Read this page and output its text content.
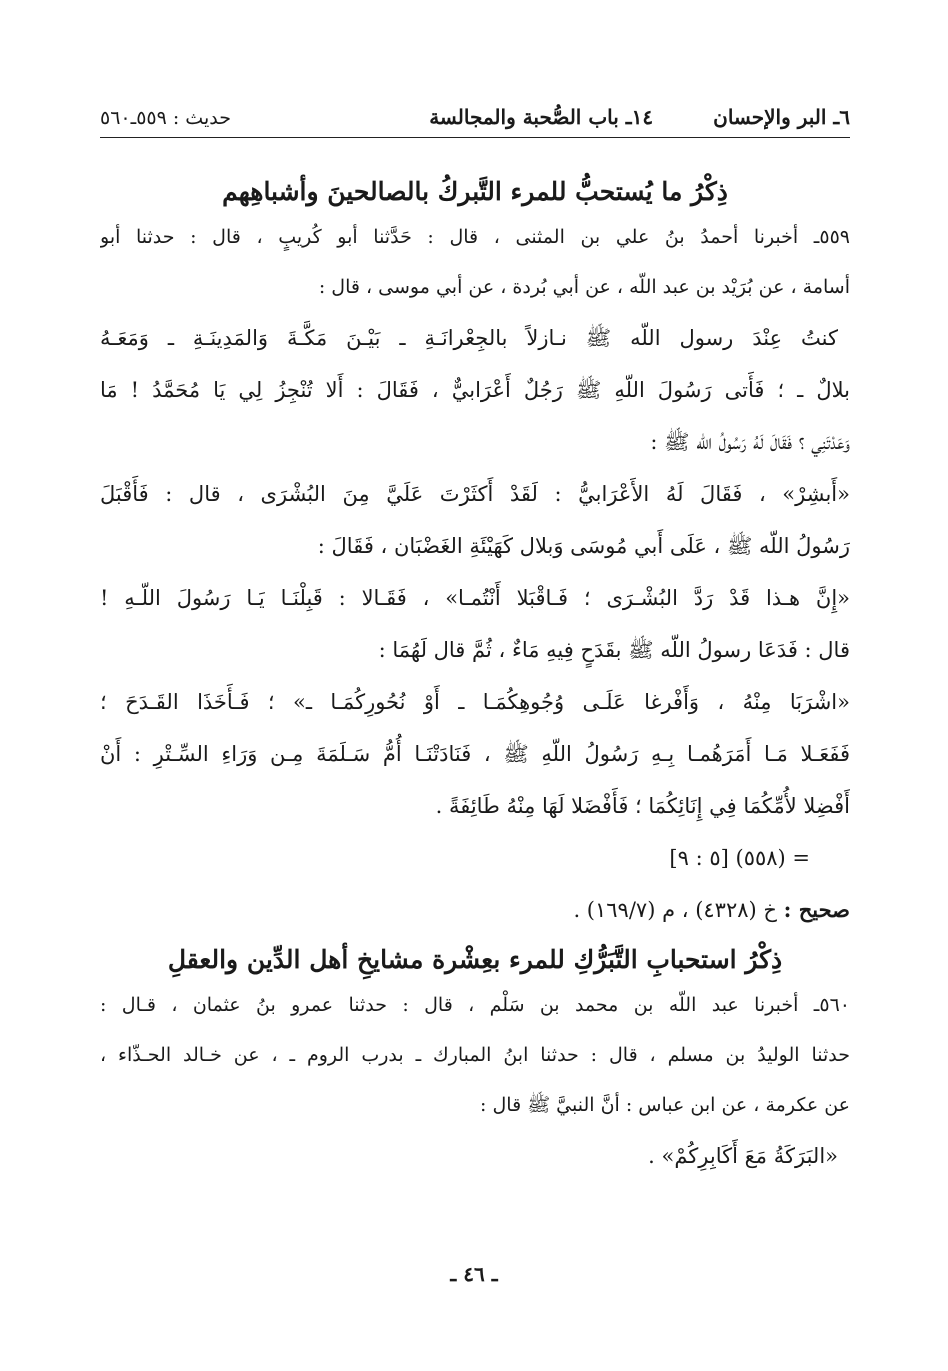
٦ـ البر والإحسان
١٤ـ باب الصُّحبة والمجالسة
حديث : ٥٥٩ـ٥٦٠
ذِكْرُ ما يُستحبُّ للمرء التَّبركُ بالصالحينَ وأشباهِهم
٥٥٩ـ أخبرنا أحمدُ بنُ علي بن المثنى ، قال : حَدَّثنا أبو كُريبٍ ، قال : حدثنا أبو
أسامة ، عن بُرَيْد بن عبد اللّه ، عن أبي بُردة ، عن أبي موسى ، قال :
كنتُ عِنْدَ رسول اللّه ﷺ نـازلاً بالجِعْرانَـةِ ـ بَيْـنَ مَكَّـةَ وَالمَدِينَـةِ ـ وَمَعَـهُ
بلالٌ ـ ؛ فَأَتى رَسُولَ اللّهِ ﷺ رَجُلٌ أَعْرَابيٌّ ، فَقَالَ : أَلا تُنْجِزُ لِي يَا مُحَمَّدُ ! مَا
وَعَدْتَنِي ؟ فَقَالَ لَهُ رَسُولُ اللّه ﷺ :
«أَبشِرْ» ، فَقَالَ لَهُ الأَعْرَابيُّ : لَقَدْ أَكثَرْتَ عَلَيَّ مِنَ البُشْرَى ، قال : فَأَقْبَلَ
رَسُولُ اللّه ﷺ ، عَلَى أَبي مُوسَى وَبلال كَهَيْئَةِ الغَضْبَان ، فَقَالَ :
«إِنَّ هـذا قَدْ رَدَّ البُشْـرَى ؛ فَـاقْبَلا أَنْتُمـا» ، فَقَـالا : قَبِلْنَـا يَـا رَسُولَ اللّـهِ !
قال : فَدَعَا رسولُ اللّه ﷺ بقَدَحٍ فِيهِ مَاءٌ ، ثُمَّ قال لَهُمَا :
«اشْرَبَا مِنْهُ ، وَأَفْرغا عَلَـى وُجُوهِكُمَـا ـ أَوْ نُحُورِكُمَـا ـ» ؛ فَـأَخَذَا القَـدَحَ ؛
فَفَعَـلا مَـا أَمَرَهُمـا بِـهِ رَسُولُ اللّهِ ﷺ ، فَنَادَتْنَـا أُمُّ سَـلَمَةَ مِـن وَرَاءِ السِّـتْرِ : أَنْ
أَفْضِلا لأُمِّكُمَا فِي إِنَائِكُمَا ؛ فَأَفْضَلا لَهَا مِنْهُ طَائِفَةً .
= (٥٥٨) [٥ : ٩]
صحيح : خ (٤٣٢٨) ، م (١٦٩/٧) .
ذِكْرُ استحبابِ التَّبَرُّكِ للمرء بعِشْرة مشايخِ أهل الدِّين والعقلِ
٥٦٠ـ أخبرنا عبد اللّه بن محمد بن سَلْم ، قال : حدثنا عمرو بنُ عثمان ، قـال :
حدثنا الوليدُ بن مسلم ، قال : حدثنا ابنُ المبارك ـ بدرب الروم ـ ، عن خـالد الحـذّاء ،
عن عكرمة ، عن ابن عباس : أنَّ النبيَّ ﷺ قال :
«البَرَكَةُ مَعَ أَكَابِرِكُمْ» .
ـ ٤٦ ـ
